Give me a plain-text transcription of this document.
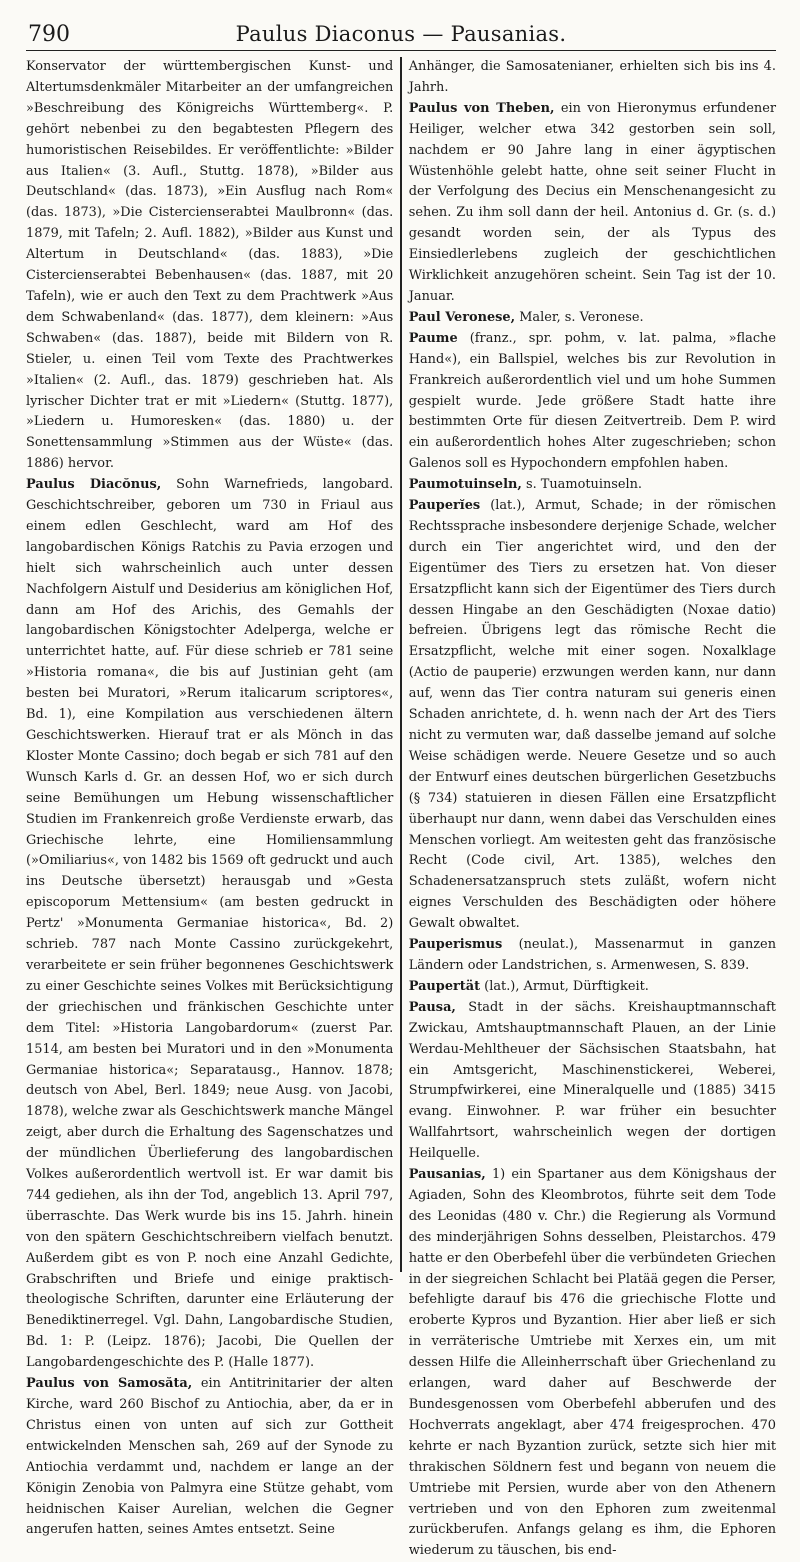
790	Paulus Diaconus — Pausanias.

Konservator der württembergischen Kunst- und Altertumsdenkmäler Mitarbeiter an der umfangreichen »Beschreibung des Königreichs Württemberg«. P. gehört nebenbei zu den begabtesten Pflegern des humoristischen Reisebildes. Er veröffentlichte: »Bilder aus Italien« (3. Aufl., Stuttg. 1878), »Bilder aus Deutschland« (das. 1873), »Ein Ausflug nach Rom« (das. 1873), »Die Cistercienserabtei Maulbronn« (das. 1879, mit Tafeln; 2. Aufl. 1882), »Bilder aus Kunst und Altertum in Deutschland« (das. 1883), »Die Cistercienserabtei Bebenhausen« (das. 1887, mit 20 Tafeln), wie er auch den Text zu dem Prachtwerk »Aus dem Schwabenland« (das. 1877), dem kleinern: »Aus Schwaben« (das. 1887), beide mit Bildern von R. Stieler, u. einen Teil vom Texte des Prachtwerkes »Italien« (2. Aufl., das. 1879) geschrieben hat. Als lyrischer Dichter trat er mit »Liedern« (Stuttg. 1877), »Liedern u. Humoresken« (das. 1880) u. der Sonettensammlung »Stimmen aus der Wüste« (das. 1886) hervor.

Paulus Diacŏnus, Sohn Warnefrieds, langobard. Geschichtschreiber, geboren um 730 in Friaul aus einem edlen Geschlecht, ward am Hof des langobardischen Königs Ratchis zu Pavia erzogen und hielt sich wahrscheinlich auch unter dessen Nachfolgern Aistulf und Desiderius am königlichen Hof, dann am Hof des Arichis, des Gemahls der langobardischen Königstochter Adelperga, welche er unterrichtet hatte, auf. Für diese schrieb er 781 seine »Historia romana«, die bis auf Justinian geht (am besten bei Muratori, »Rerum italicarum scriptores«, Bd. 1), eine Kompilation aus verschiedenen ältern Geschichtswerken. Hierauf trat er als Mönch in das Kloster Monte Cassino; doch begab er sich 781 auf den Wunsch Karls d. Gr. an dessen Hof, wo er sich durch seine Bemühungen um Hebung wissenschaftlicher Studien im Frankenreich große Verdienste erwarb, das Griechische lehrte, eine Homiliensammlung (»Omiliarius«, von 1482 bis 1569 oft gedruckt und auch ins Deutsche übersetzt) herausgab und »Gesta episcoporum Mettensium« (am besten gedruckt in Pertz' »Monumenta Germaniae historica«, Bd. 2) schrieb. 787 nach Monte Cassino zurückgekehrt, verarbeitete er sein früher begonnenes Geschichtswerk zu einer Geschichte seines Volkes mit Berücksichtigung der griechischen und fränkischen Geschichte unter dem Titel: »Historia Langobardorum« (zuerst Par. 1514, am besten bei Muratori und in den »Monumenta Germaniae historica«; Separatausg., Hannov. 1878; deutsch von Abel, Berl. 1849; neue Ausg. von Jacobi, 1878), welche zwar als Geschichtswerk manche Mängel zeigt, aber durch die Erhaltung des Sagenschatzes und der mündlichen Überlieferung des langobardischen Volkes außerordentlich wertvoll ist. Er war damit bis 744 gediehen, als ihn der Tod, angeblich 13. April 797, überraschte. Das Werk wurde bis ins 15. Jahrh. hinein von den spätern Geschichtschreibern vielfach benutzt. Außerdem gibt es von P. noch eine Anzahl Gedichte, Grabschriften und Briefe und einige praktisch-theologische Schriften, darunter eine Erläuterung der Benediktinerregel. Vgl. Dahn, Langobardische Studien, Bd. 1: P. (Leipz. 1876); Jacobi, Die Quellen der Langobardengeschichte des P. (Halle 1877).

Paulus von Samosăta, ein Antitrinitarier der alten Kirche, ward 260 Bischof zu Antiochia, aber, da er in Christus einen von unten auf sich zur Gottheit entwickelnden Menschen sah, 269 auf der Synode zu Antiochia verdammt und, nachdem er lange an der Königin Zenobia von Palmyra eine Stütze gehabt, vom heidnischen Kaiser Aurelian, welchen die Gegner angerufen hatten, seines Amtes entsetzt. Seine

Anhänger, die Samosatenianer, erhielten sich bis ins 4. Jahrh.

Paulus von Theben, ein von Hieronymus erfundener Heiliger, welcher etwa 342 gestorben sein soll, nachdem er 90 Jahre lang in einer ägyptischen Wüstenhöhle gelebt hatte, ohne seit seiner Flucht in der Verfolgung des Decius ein Menschenangesicht zu sehen. Zu ihm soll dann der heil. Antonius d. Gr. (s. d.) gesandt worden sein, der als Typus des Einsiedlerlebens zugleich der geschichtlichen Wirklichkeit anzugehören scheint. Sein Tag ist der 10. Januar.

Paul Veronese, Maler, s. Veronese.

Paume (franz., spr. pohm, v. lat. palma, »flache Hand«), ein Ballspiel, welches bis zur Revolution in Frankreich außerordentlich viel und um hohe Summen gespielt wurde. Jede größere Stadt hatte ihre bestimmten Orte für diesen Zeitvertreib. Dem P. wird ein außerordentlich hohes Alter zugeschrieben; schon Galenos soll es Hypochondern empfohlen haben.

Paumotuinseln, s. Tuamotuinseln.

Pauperĭes (lat.), Armut, Schade; in der römischen Rechtssprache insbesondere derjenige Schade, welcher durch ein Tier angerichtet wird, und den der Eigentümer des Tiers zu ersetzen hat. Von dieser Ersatzpflicht kann sich der Eigentümer des Tiers durch dessen Hingabe an den Geschädigten (Noxae datio) befreien. Übrigens legt das römische Recht die Ersatzpflicht, welche mit einer sogen. Noxalklage (Actio de pauperie) erzwungen werden kann, nur dann auf, wenn das Tier contra naturam sui generis einen Schaden anrichtete, d. h. wenn nach der Art des Tiers nicht zu vermuten war, daß dasselbe jemand auf solche Weise schädigen werde. Neuere Gesetze und so auch der Entwurf eines deutschen bürgerlichen Gesetzbuchs (§ 734) statuieren in diesen Fällen eine Ersatzpflicht überhaupt nur dann, wenn dabei das Verschulden eines Menschen vorliegt. Am weitesten geht das französische Recht (Code civil, Art. 1385), welches den Schadenersatzanspruch stets zuläßt, wofern nicht eignes Verschulden des Beschädigten oder höhere Gewalt obwaltet.

Pauperismus (neulat.), Massenarmut in ganzen Ländern oder Landstrichen, s. Armenwesen, S. 839.

Paupertät (lat.), Armut, Dürftigkeit.

Pausa, Stadt in der sächs. Kreishauptmannschaft Zwickau, Amtshauptmannschaft Plauen, an der Linie Werdau-Mehltheuer der Sächsischen Staatsbahn, hat ein Amtsgericht, Maschinenstickerei, Weberei, Strumpfwirkerei, eine Mineralquelle und (1885) 3415 evang. Einwohner. P. war früher ein besuchter Wallfahrtsort, wahrscheinlich wegen der dortigen Heilquelle.

Pausanias, 1) ein Spartaner aus dem Königshaus der Agiaden, Sohn des Kleombrotos, führte seit dem Tode des Leonidas (480 v. Chr.) die Regierung als Vormund des minderjährigen Sohns desselben, Pleistarchos. 479 hatte er den Oberbefehl über die verbündeten Griechen in der siegreichen Schlacht bei Platää gegen die Perser, befehligte darauf bis 476 die griechische Flotte und eroberte Kypros und Byzantion. Hier aber ließ er sich in verräterische Umtriebe mit Xerxes ein, um mit dessen Hilfe die Alleinherrschaft über Griechenland zu erlangen, ward daher auf Beschwerde der Bundesgenossen vom Oberbefehl abberufen und des Hochverrats angeklagt, aber 474 freigesprochen. 470 kehrte er nach Byzantion zurück, setzte sich hier mit thrakischen Söldnern fest und begann von neuem die Umtriebe mit Persien, wurde aber von den Athenern vertrieben und von den Ephoren zum zweitenmal zurückberufen. Anfangs gelang es ihm, die Ephoren wiederum zu täuschen, bis end-
